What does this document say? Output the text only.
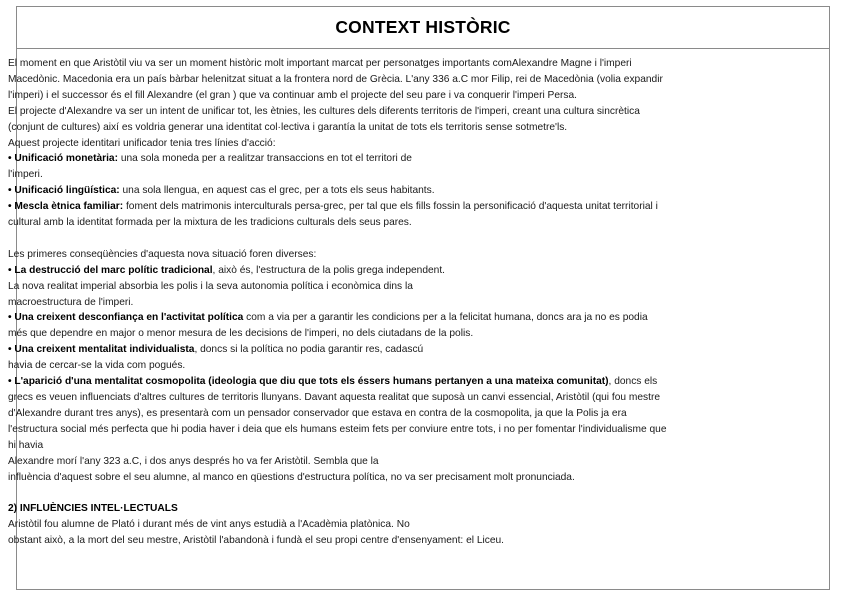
CONTEXT HISTÒRIC

El moment en que Aristòtil viu va ser un moment històric molt important marcat per personatges importants comAlexandre Magne i l'imperi

Macedònic. Macedonia era un país bàrbar helenitzat situat a la frontera nord de Grècia. L'any 336 a.C mor Filip, rei de Macedònia (volia expandir

l'imperi) i el successor és el fill Alexandre (el gran ) que va continuar amb el projecte del seu pare i va conquerir l'imperi Persa.

El projecte d'Alexandre va ser un intent de unificar tot, les ètnies, les cultures dels diferents territoris de l'imperi, creant una cultura sincrètica

(conjunt de cultures) així es voldria generar una identitat col·lectiva i garantía la unitat de tots els territoris sense sotmetre'ls.

Aquest projecte identitari unificador tenia tres línies d'acció:

• Unificació monetària: una sola moneda per a realitzar transaccions en tot el territori de

l'imperi.

• Unificació lingüística: una sola llengua, en aquest cas el grec, per a tots els seus habitants.

• Mescla ètnica familiar: foment dels matrimonis interculturals persa-grec, per tal que els fills fossin la personificació d'aquesta unitat territorial i

cultural amb la identitat formada per la mixtura de les tradicions culturals dels seus pares.

Les primeres conseqüències d'aquesta nova situació foren diverses:

• La destrucció del marc polític tradicional, això és, l'estructura de la polis grega independent.

La nova realitat imperial absorbia les polis i la seva autonomia política i econòmica dins la

macroestructura de l'imperi.

• Una creixent desconfiança en l'activitat política com a via per a garantir les condicions per a la felicitat humana, doncs ara ja no es podia

més que dependre en major o menor mesura de les decisions de l'imperi, no dels ciutadans de la polis.

• Una creixent mentalitat individualista, doncs si la política no podia garantir res, cadascú

havia de cercar-se la vida com pogués.

• L'aparició d'una mentalitat cosmopolita (ideologia que diu que tots els éssers humans pertanyen a una mateixa comunitat), doncs els

grecs es veuen influenciats d'altres cultures de territoris llunyans. Davant aquesta realitat que suposà un canvi essencial, Aristòtil (qui fou mestre

d'Alexandre durant tres anys), es presentarà com un pensador conservador que estava en contra de la cosmopolita, ja que la Polis ja era

l'estructura social més perfecta que hi podia haver i deia que els humans esteim fets per conviure entre tots, i no per fomentar l'individualisme que

hi havia

Alexandre morí l'any 323 a.C, i dos anys després ho va fer Aristòtil. Sembla que la

influència d'aquest sobre el seu alumne, al manco en qüestions d'estructura política, no va ser precisament molt pronunciada.

2) INFLUÈNCIES INTEL·LECTUALS

Aristòtil fou alumne de Plató i durant més de vint anys estudià a l'Acadèmia platònica. No

obstant això, a la mort del seu mestre, Aristòtil l'abandonà i fundà el seu propi centre d'ensenyament: el Liceu.
